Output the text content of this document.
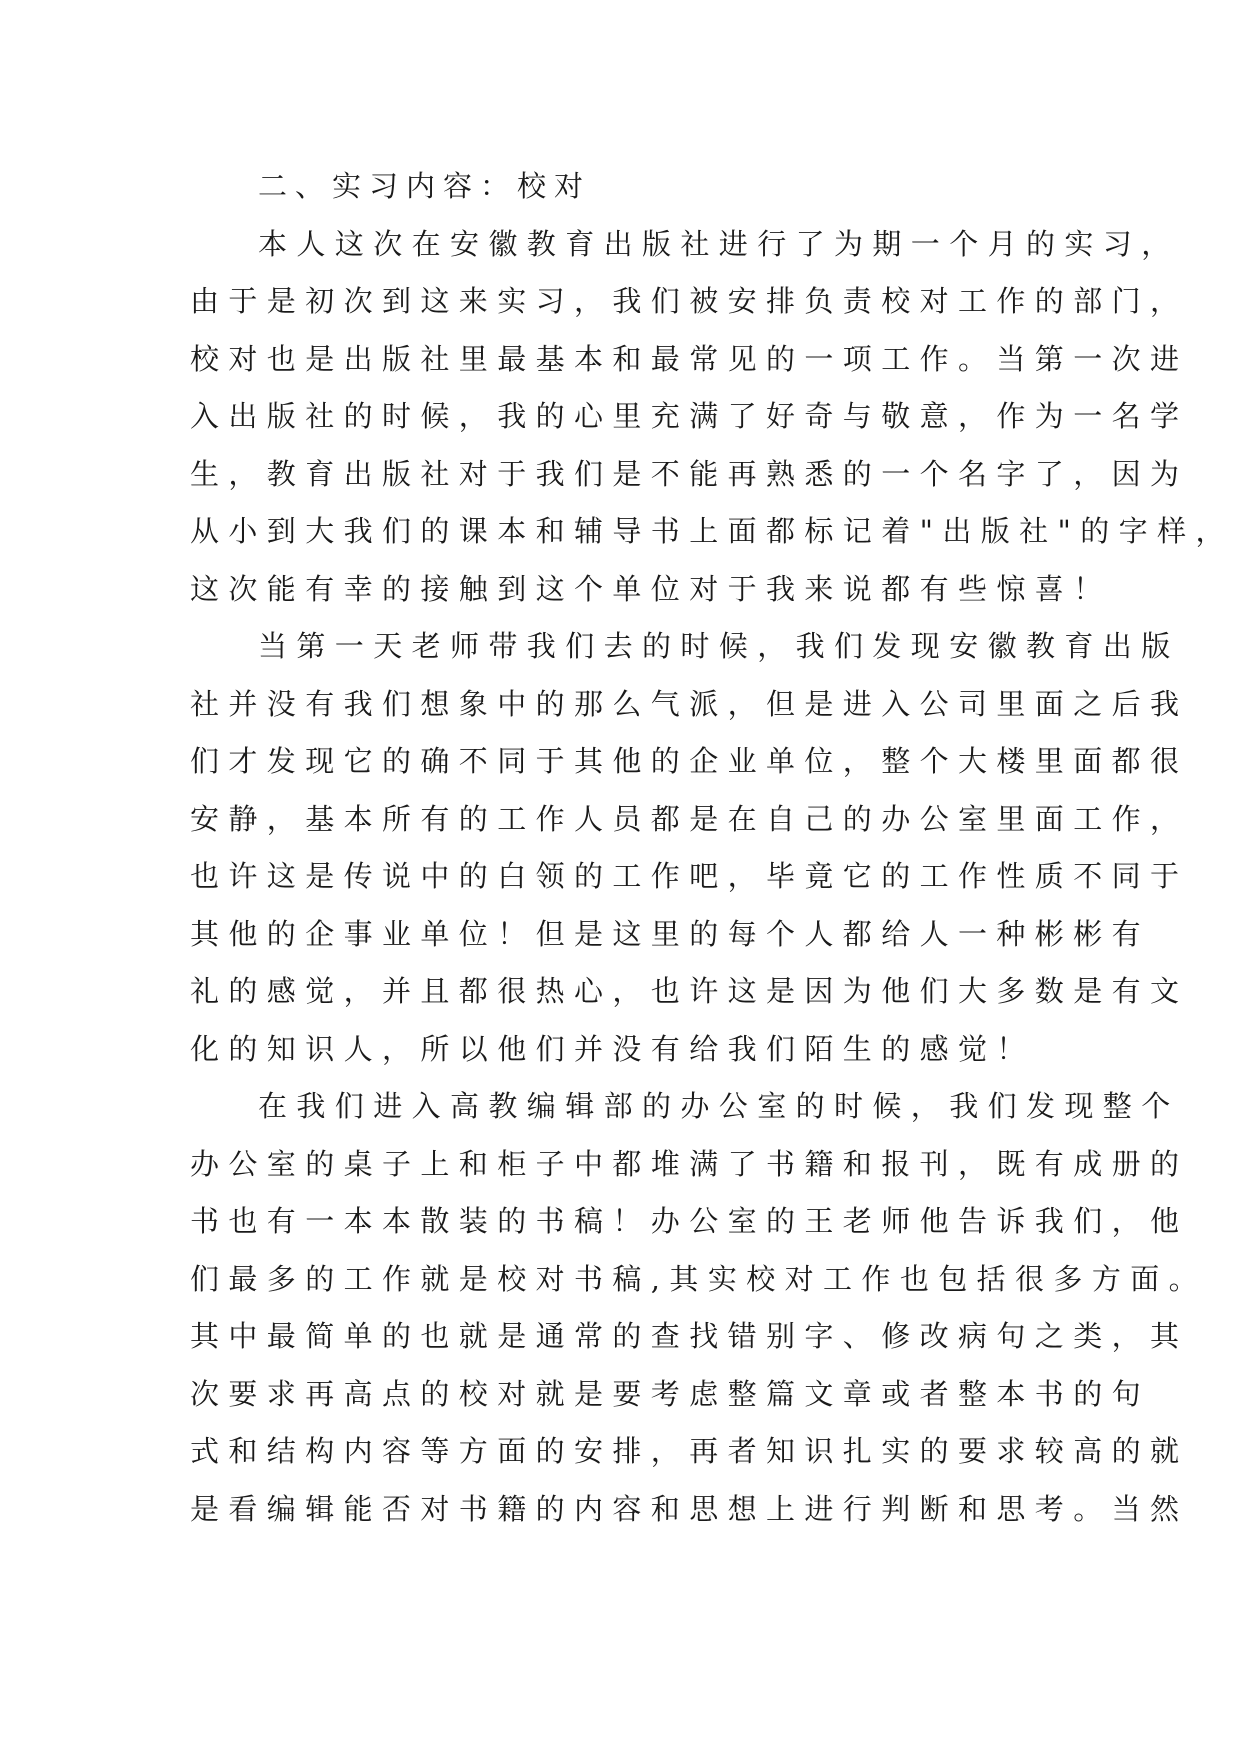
二、实习内容：校对

本人这次在安徽教育出版社进行了为期一个月的实习，
由于是初次到这来实习，我们被安排负责校对工作的部门，
校对也是出版社里最基本和最常见的一项工作。当第一次进
入出版社的时候，我的心里充满了好奇与敬意，作为一名学
生，教育出版社对于我们是不能再熟悉的一个名字了，因为
从小到大我们的课本和辅导书上面都标记着"出版社"的字样，
这次能有幸的接触到这个单位对于我来说都有些惊喜！

当第一天老师带我们去的时候，我们发现安徽教育出版
社并没有我们想象中的那么气派，但是进入公司里面之后我
们才发现它的确不同于其他的企业单位，整个大楼里面都很
安静，基本所有的工作人员都是在自己的办公室里面工作，
也许这是传说中的白领的工作吧，毕竟它的工作性质不同于
其他的企事业单位！但是这里的每个人都给人一种彬彬有
礼的感觉，并且都很热心，也许这是因为他们大多数是有文
化的知识人，所以他们并没有给我们陌生的感觉！

在我们进入高教编辑部的办公室的时候，我们发现整个
办公室的桌子上和柜子中都堆满了书籍和报刊，既有成册的
书也有一本本散装的书稿！办公室的王老师他告诉我们，他
们最多的工作就是校对书稿,其实校对工作也包括很多方面。
其中最简单的也就是通常的查找错别字、修改病句之类，其
次要求再高点的校对就是要考虑整篇文章或者整本书的句
式和结构内容等方面的安排，再者知识扎实的要求较高的就
是看编辑能否对书籍的内容和思想上进行判断和思考。当然
